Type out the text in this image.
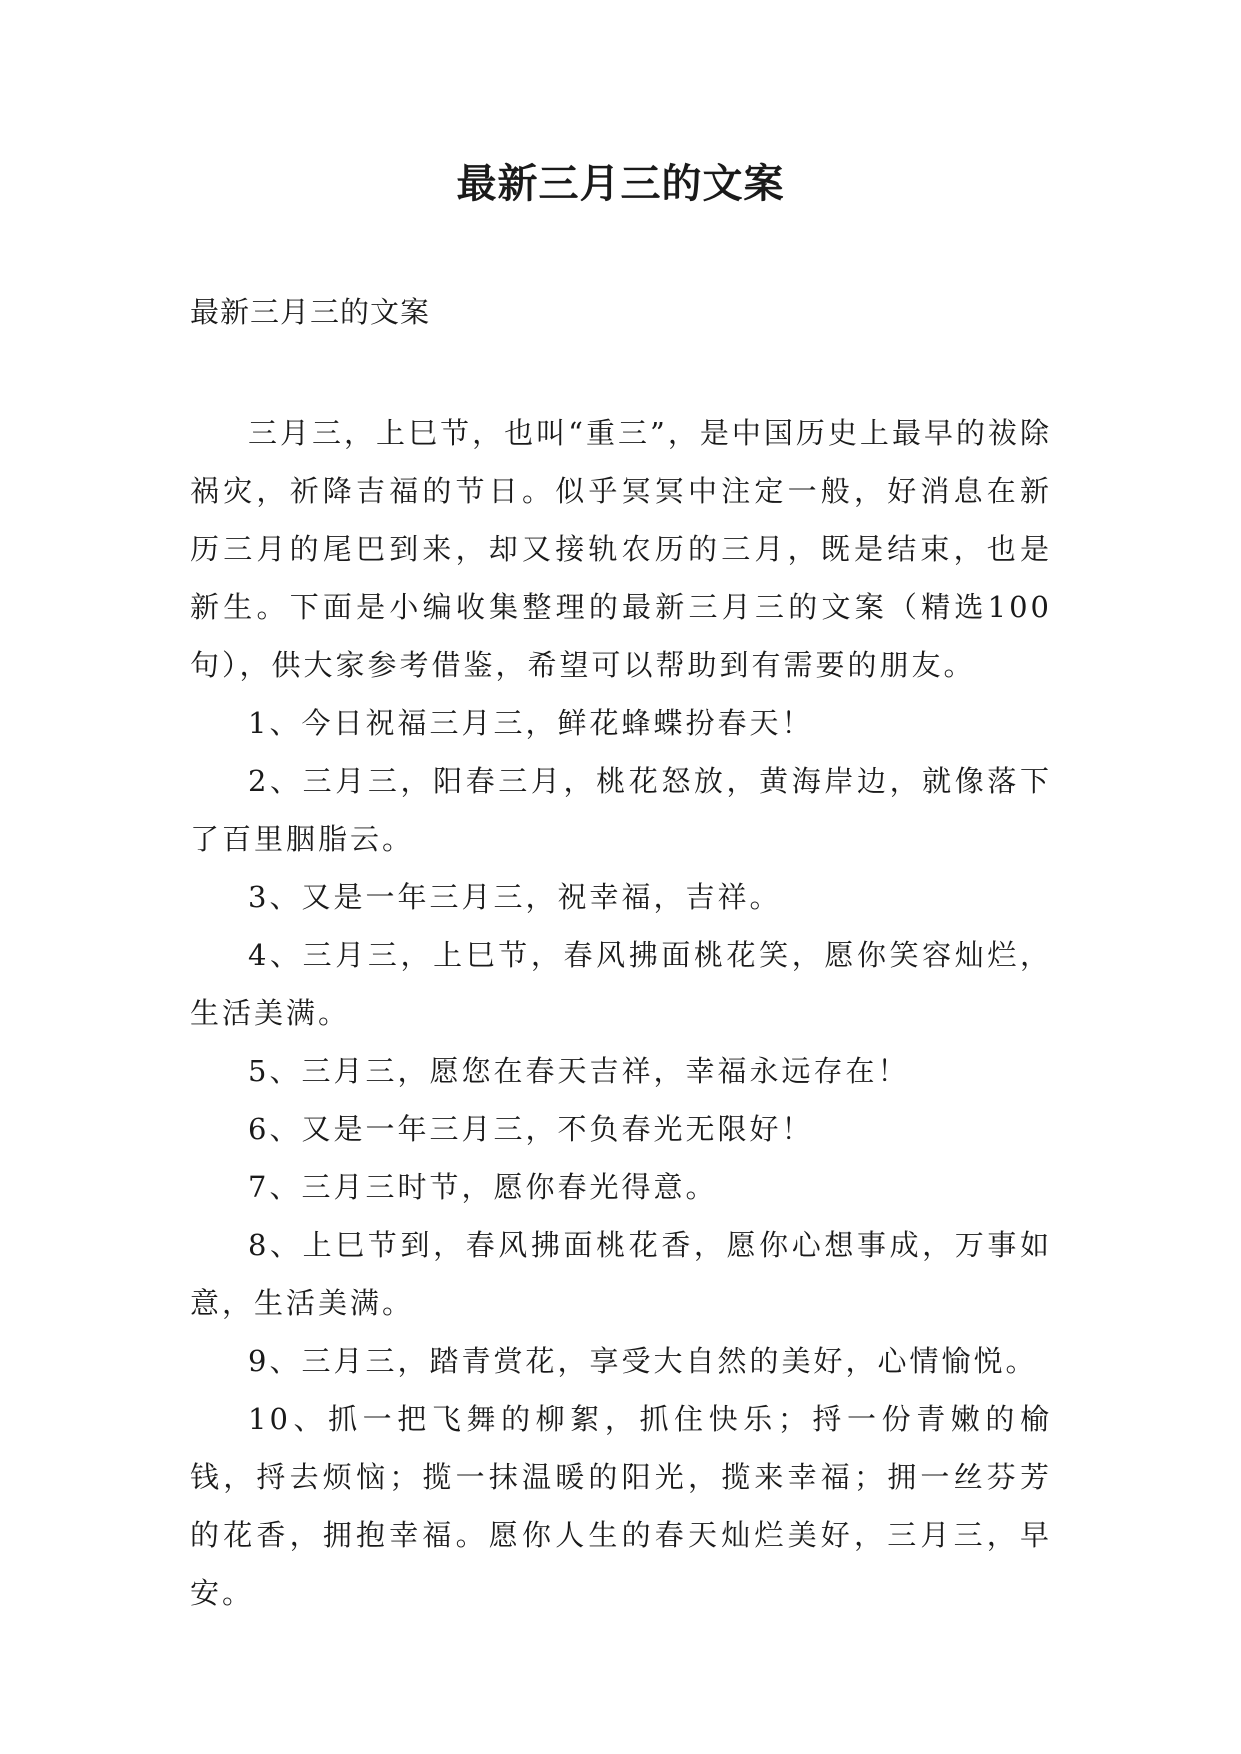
最新三月三的文案
最新三月三的文案

三月三，上巳节，也叫“重三”，是中国历史上最早的祓除祸灾，祈降吉福的节日。似乎冥冥中注定一般，好消息在新历三月的尾巴到来，却又接轨农历的三月，既是结束，也是新生。下面是小编收集整理的最新三月三的文案（精选100句），供大家参考借鉴，希望可以帮助到有需要的朋友。

1、今日祝福三月三，鲜花蜂蝶扮春天！

2、三月三，阳春三月，桃花怒放，黄海岸边，就像落下了百里胭脂云。

3、又是一年三月三，祝幸福，吉祥。

4、三月三，上巳节，春风拂面桃花笑，愿你笑容灿烂，生活美满。

5、三月三，愿您在春天吉祥，幸福永远存在！

6、又是一年三月三，不负春光无限好！

7、三月三时节，愿你春光得意。

8、上巳节到，春风拂面桃花香，愿你心想事成，万事如意，生活美满。

9、三月三，踏青赏花，享受大自然的美好，心情愉悦。

10、抓一把飞舞的柳絮，抓住快乐；捋一份青嫩的榆钱，捋去烦恼；揽一抹温暖的阳光，揽来幸福；拥一丝芬芳的花香，拥抱幸福。愿你人生的春天灿烂美好，三月三，早安。
